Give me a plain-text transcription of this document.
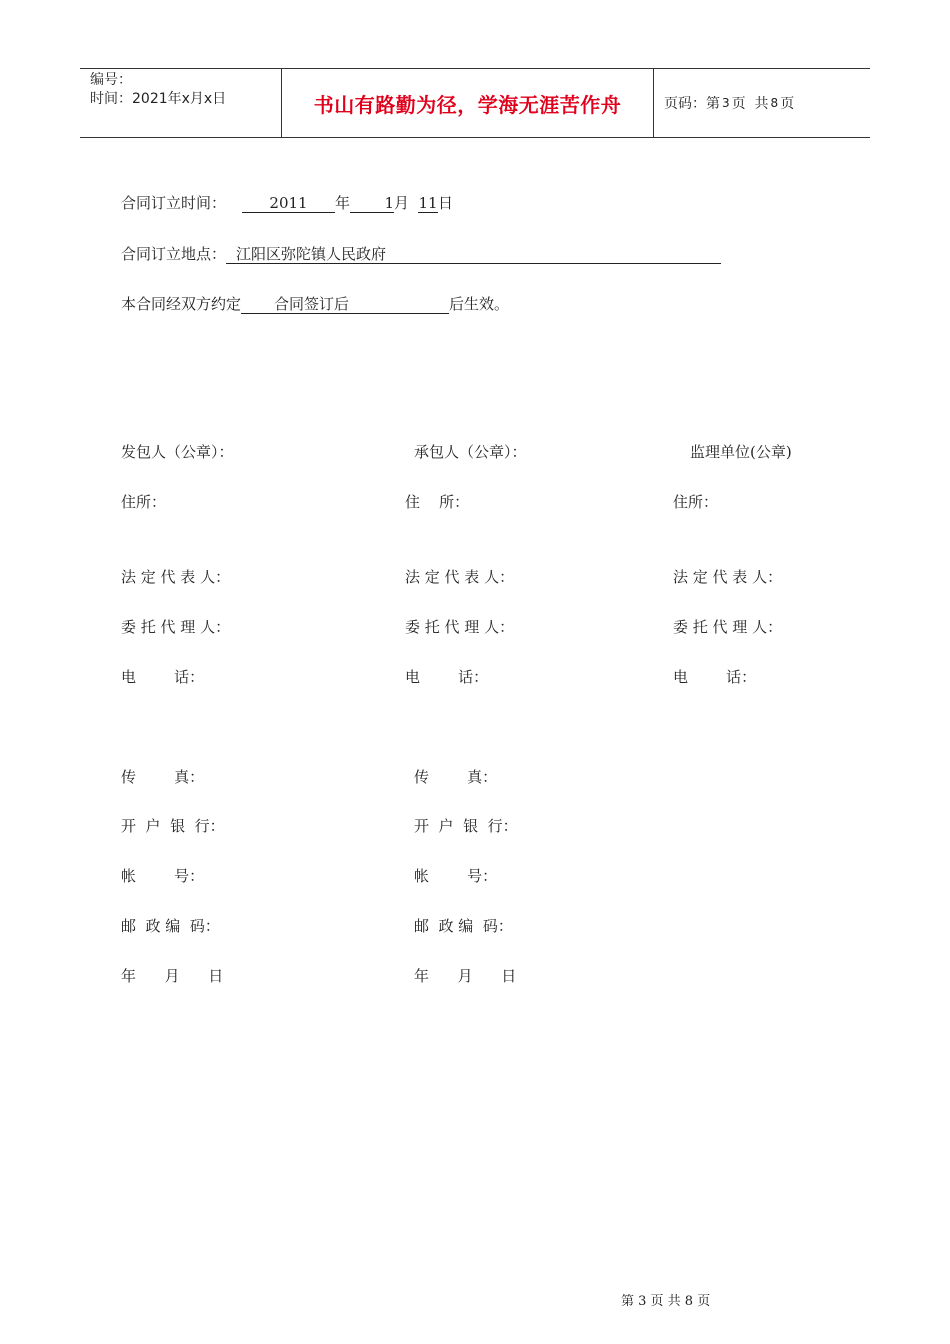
编号：
时间：2021年x月x日	书山有路勤为径，学海无涯苦作舟	页码：第 3 页  共 8 页
合同订立时间：	2011 年 1月 11日
合同订立地点： 江阳区弥陀镇人民政府
本合同经双方约定 合同签订后	后生效。
发包人（公章）：	承包人（公章）：	监理单位(公章)
住所：	住    所：	住所：
法 定 代 表 人：	法 定 代 表 人：	法 定 代 表 人：
委 托 代 理 人：	委 托 代 理 人：	委 托 代 理 人：
电        话：	电        话：	电        话：
传        真：	传        真：
开  户  银  行：	开  户  银  行：
帐        号：	帐        号：
邮  政 编  码：	邮  政 编  码：
年      月      日	年      月      日
第 3 页 共 8 页
